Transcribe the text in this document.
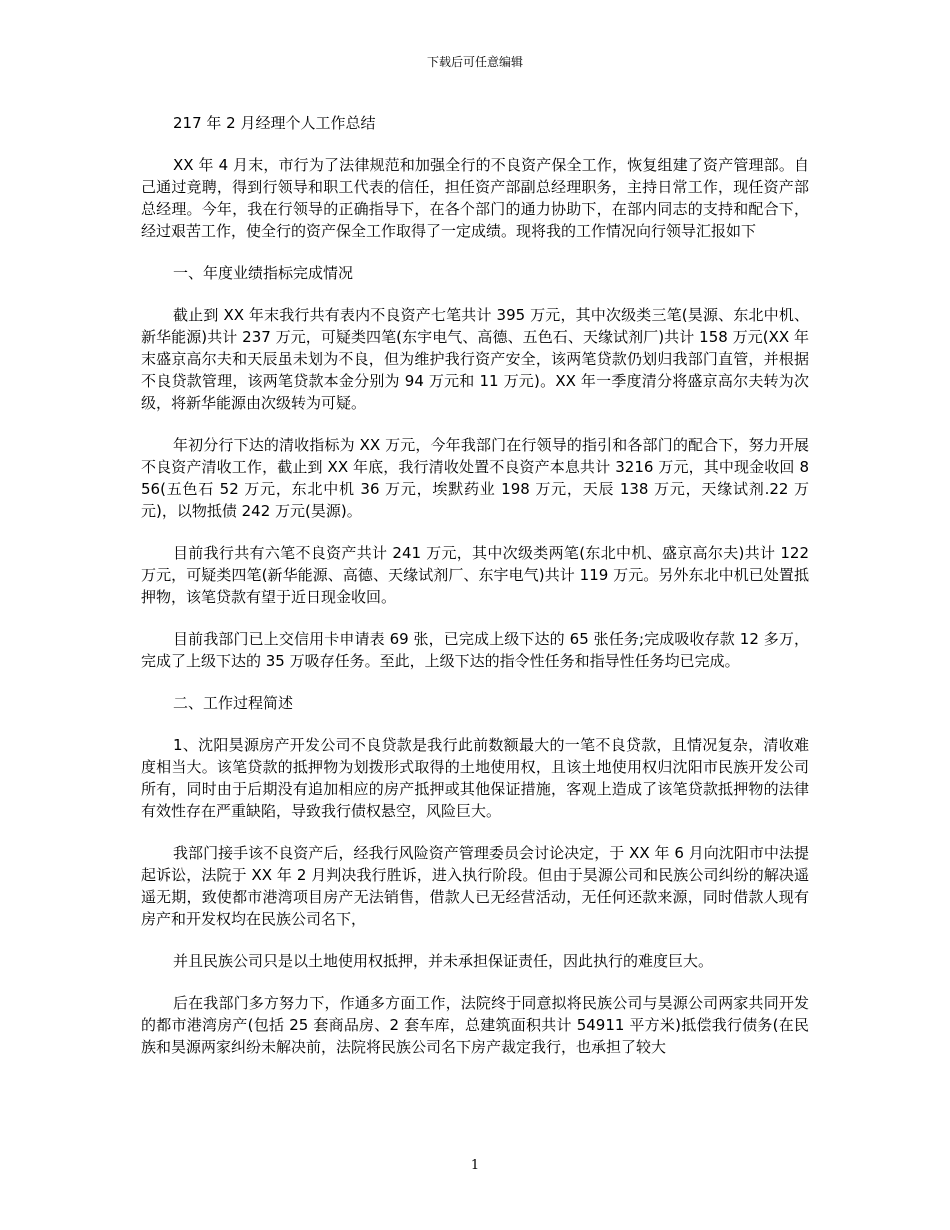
下载后可任意编辑

217 年 2 月经理个人工作总结

XX 年 4 月末，市行为了法律规范和加强全行的不良资产保全工作，恢复组建了资产管理部。自己通过竟聘，得到行领导和职工代表的信任，担任资产部副总经理职务，主持日常工作，现任资产部总经理。今年，我在行领导的正确指导下，在各个部门的通力协助下，在部内同志的支持和配合下，经过艰苦工作，使全行的资产保全工作取得了一定成绩。现将我的工作情况向行领导汇报如下

一、年度业绩指标完成情况

截止到 XX 年末我行共有表内不良资产七笔共计 395 万元，其中次级类三笔(昊源、东北中机、新华能源)共计 237 万元，可疑类四笔(东宇电气、高德、五色石、天缘试剂厂)共计 158 万元(XX 年末盛京高尔夫和天辰虽未划为不良，但为维护我行资产安全，该两笔贷款仍划归我部门直管，并根据不良贷款管理，该两笔贷款本金分别为 94 万元和 11 万元)。XX 年一季度清分将盛京高尔夫转为次级，将新华能源由次级转为可疑。

年初分行下达的清收指标为 XX 万元，今年我部门在行领导的指引和各部门的配合下，努力开展不良资产清收工作，截止到 XX 年底，我行清收处置不良资产本息共计 3216 万元，其中现金收回 856(五色石 52 万元，东北中机 36 万元，埃默药业 198 万元，天辰 138 万元，天缘试剂.22 万元)，以物抵债 242 万元(昊源)。

目前我行共有六笔不良资产共计 241 万元，其中次级类两笔(东北中机、盛京高尔夫)共计 122 万元，可疑类四笔(新华能源、高德、天缘试剂厂、东宇电气)共计 119 万元。另外东北中机已处置抵押物，该笔贷款有望于近日现金收回。

目前我部门已上交信用卡申请表 69 张，已完成上级下达的 65 张任务;完成吸收存款 12 多万，完成了上级下达的 35 万吸存任务。至此，上级下达的指令性任务和指导性任务均已完成。

二、工作过程简述

1、沈阳昊源房产开发公司不良贷款是我行此前数额最大的一笔不良贷款，且情况复杂，清收难度相当大。该笔贷款的抵押物为划拨形式取得的土地使用权，且该土地使用权归沈阳市民族开发公司所有，同时由于后期没有追加相应的房产抵押或其他保证措施，客观上造成了该笔贷款抵押物的法律有效性存在严重缺陷，导致我行债权悬空，风险巨大。

我部门接手该不良资产后，经我行风险资产管理委员会讨论决定，于 XX 年 6 月向沈阳市中法提起诉讼，法院于 XX 年 2 月判决我行胜诉，进入执行阶段。但由于昊源公司和民族公司纠纷的解决遥遥无期，致使都市港湾项目房产无法销售，借款人已无经营活动，无任何还款来源，同时借款人现有房产和开发权均在民族公司名下，

并且民族公司只是以土地使用权抵押，并未承担保证责任，因此执行的难度巨大。

后在我部门多方努力下，作通多方面工作，法院终于同意拟将民族公司与昊源公司两家共同开发的都市港湾房产(包括 25 套商品房、2 套车库，总建筑面积共计 54911 平方米)抵偿我行债务(在民族和昊源两家纠纷未解决前，法院将民族公司名下房产裁定我行，也承担了较大

1
